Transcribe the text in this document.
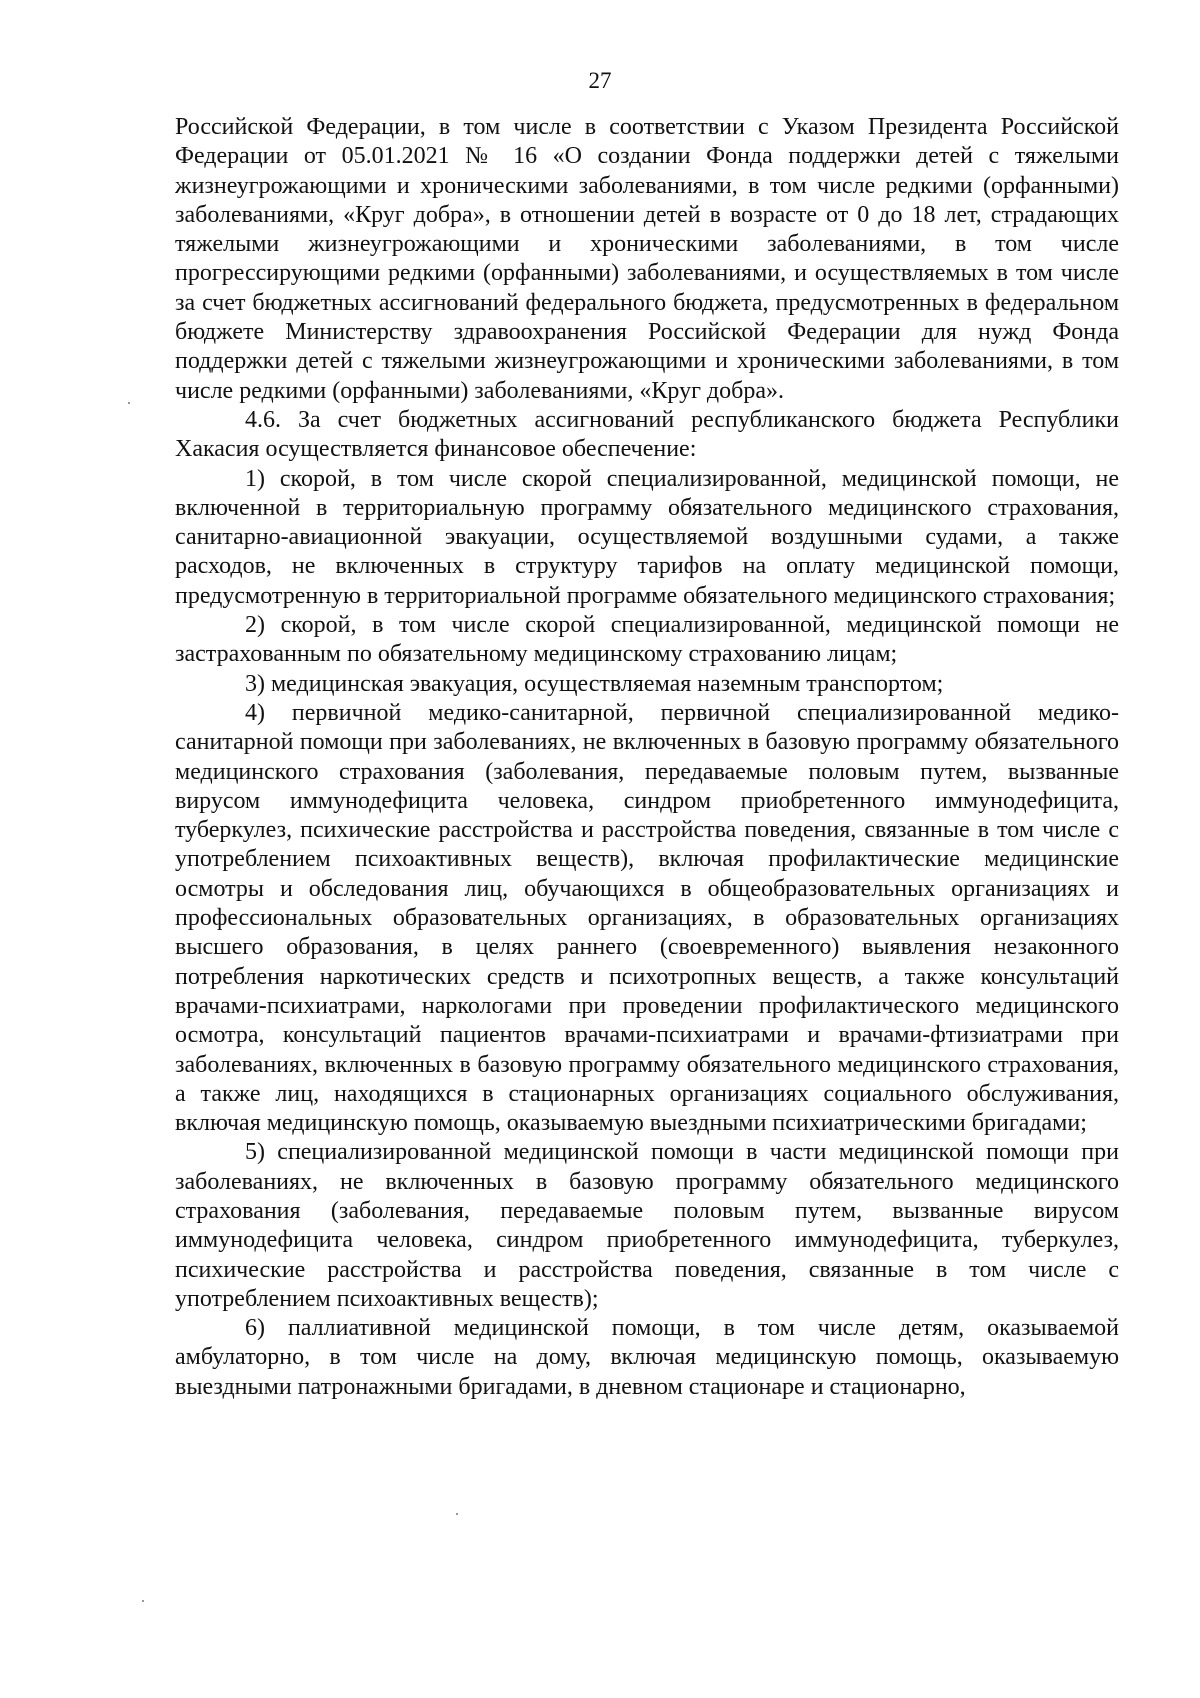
27

Российской Федерации, в том числе в соответствии с Указом Президента Российской Федерации от 05.01.2021 № 16 «О создании Фонда поддержки детей с тяжелыми жизнеугрожающими и хроническими заболеваниями, в том числе редкими (орфанными) заболеваниями, «Круг добра», в отношении детей в возрасте от 0 до 18 лет, страдающих тяжелыми жизнеугрожающими и хроническими заболеваниями, в том числе прогрессирующими редкими (орфанными) заболеваниями, и осуществляемых в том числе за счет бюджетных ассигнований федерального бюджета, предусмотренных в федеральном бюджете Министерству здравоохранения Российской Федерации для нужд Фонда поддержки детей с тяжелыми жизнеугрожающими и хроническими заболеваниями, в том числе редкими (орфанными) заболеваниями, «Круг добра».

4.6. За счет бюджетных ассигнований республиканского бюджета Республики Хакасия осуществляется финансовое обеспечение:

1) скорой, в том числе скорой специализированной, медицинской помощи, не включенной в территориальную программу обязательного медицинского страхования, санитарно-авиационной эвакуации, осуществляемой воздушными судами, а также расходов, не включенных в структуру тарифов на оплату медицинской помощи, предусмотренную в территориальной программе обязательного медицинского страхования;

2) скорой, в том числе скорой специализированной, медицинской помощи не застрахованным по обязательному медицинскому страхованию лицам;

3) медицинская эвакуация, осуществляемая наземным транспортом;

4) первичной медико-санитарной, первичной специализированной медико-санитарной помощи при заболеваниях, не включенных в базовую программу обязательного медицинского страхования (заболевания, передаваемые половым путем, вызванные вирусом иммунодефицита человека, синдром приобретенного иммунодефицита, туберкулез, психические расстройства и расстройства поведения, связанные в том числе с употреблением психоактивных веществ), включая профилактические медицинские осмотры и обследования лиц, обучающихся в общеобразовательных организациях и профессиональных образовательных организациях, в образовательных организациях высшего образования, в целях раннего (своевременного) выявления незаконного потребления наркотических средств и психотропных веществ, а также консультаций врачами-психиатрами, наркологами при проведении профилактического медицинского осмотра, консультаций пациентов врачами-психиатрами и врачами-фтизиатрами при заболеваниях, включенных в базовую программу обязательного медицинского страхования, а также лиц, находящихся в стационарных организациях социального обслуживания, включая медицинскую помощь, оказываемую выездными психиатрическими бригадами;

5) специализированной медицинской помощи в части медицинской помощи при заболеваниях, не включенных в базовую программу обязательного медицинского страхования (заболевания, передаваемые половым путем, вызванные вирусом иммунодефицита человека, синдром приобретенного иммунодефицита, туберкулез, психические расстройства и расстройства поведения, связанные в том числе с употреблением психоактивных веществ);

6) паллиативной медицинской помощи, в том числе детям, оказываемой амбулаторно, в том числе на дому, включая медицинскую помощь, оказываемую выездными патронажными бригадами, в дневном стационаре и стационарно,
